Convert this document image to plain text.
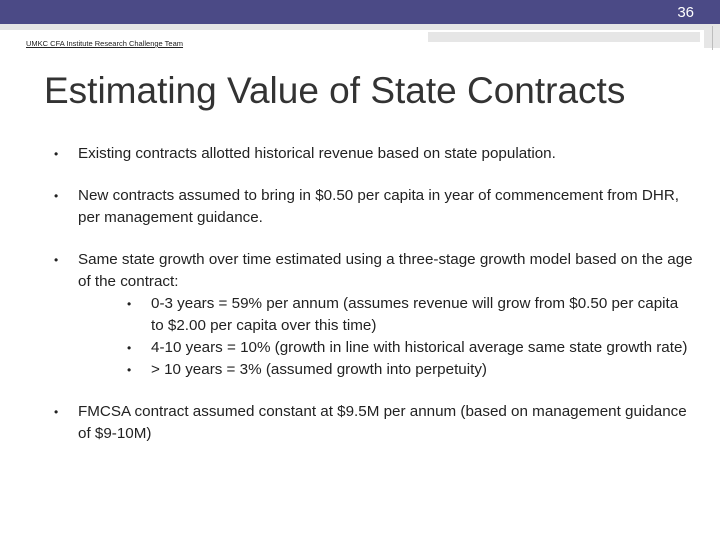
36
UMKC CFA Institute Research Challenge Team
Estimating Value of State Contracts
• Existing contracts allotted historical revenue based on state population.
• New contracts assumed to bring in $0.50 per capita in year of commencement from DHR, per management guidance.
• Same state growth over time estimated using a three-stage growth model based on the age of the contract:
• 0-3 years = 59% per annum (assumes revenue will grow from $0.50 per capita to $2.00 per capita over this time)
• 4-10 years = 10% (growth in line with historical average same state growth rate)
• > 10 years = 3% (assumed growth into perpetuity)
• FMCSA contract assumed constant at $9.5M per annum (based on management guidance of $9-10M)
